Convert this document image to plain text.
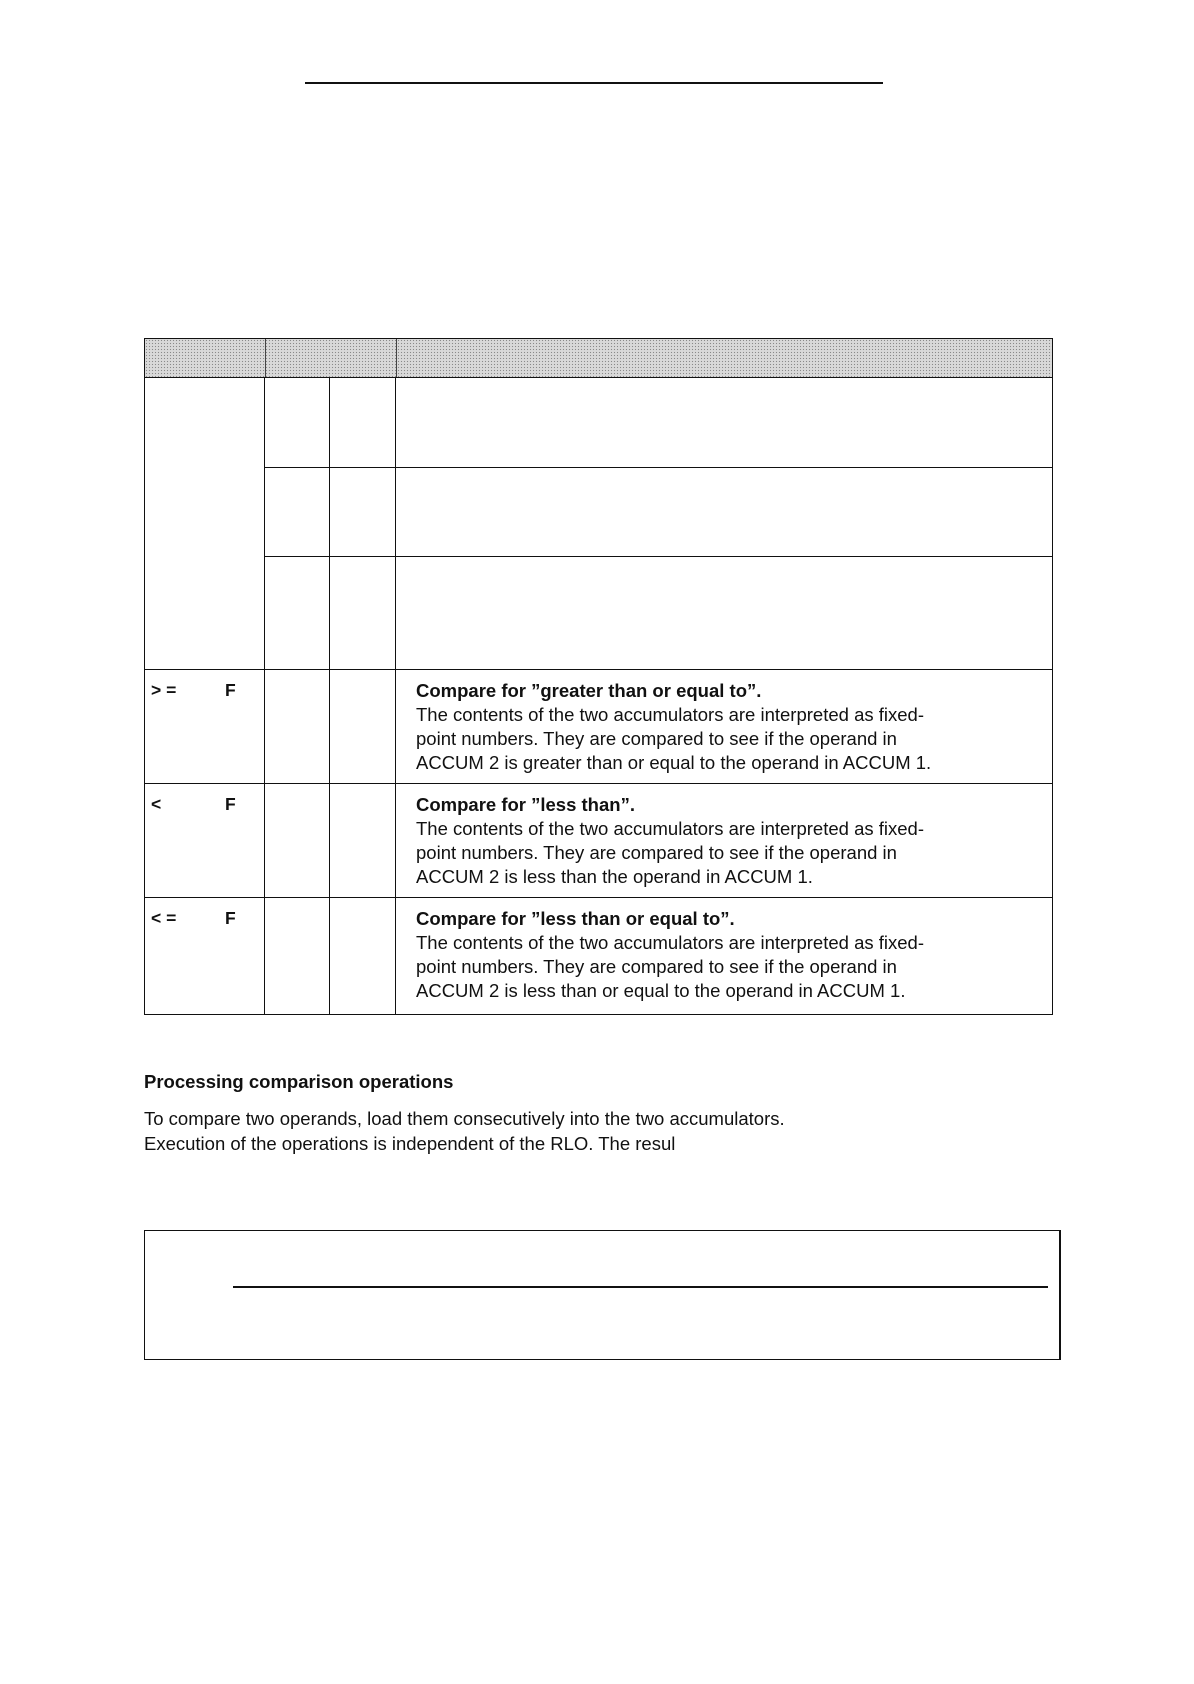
> =	F	Compare for ”greater than or equal to”.
The contents of the two accumulators are interpreted as fixed-
point numbers. They are compared to see if the operand in
ACCUM 2 is greater than or equal to the operand in ACCUM 1.
<	F	Compare for ”less than”.
The contents of the two accumulators are interpreted as fixed-
point numbers. They are compared to see if the operand in
ACCUM 2 is less than the operand in ACCUM 1.
< =	F	Compare for ”less than or equal to”.
The contents of the two accumulators are interpreted as fixed-
point numbers. They are compared to see if the operand in
ACCUM 2 is less than or equal to the operand in ACCUM 1.
Processing comparison operations
To compare two operands, load them consecutively into the two accumulators.
Execution of the operations is independent of the RLO. The resul
